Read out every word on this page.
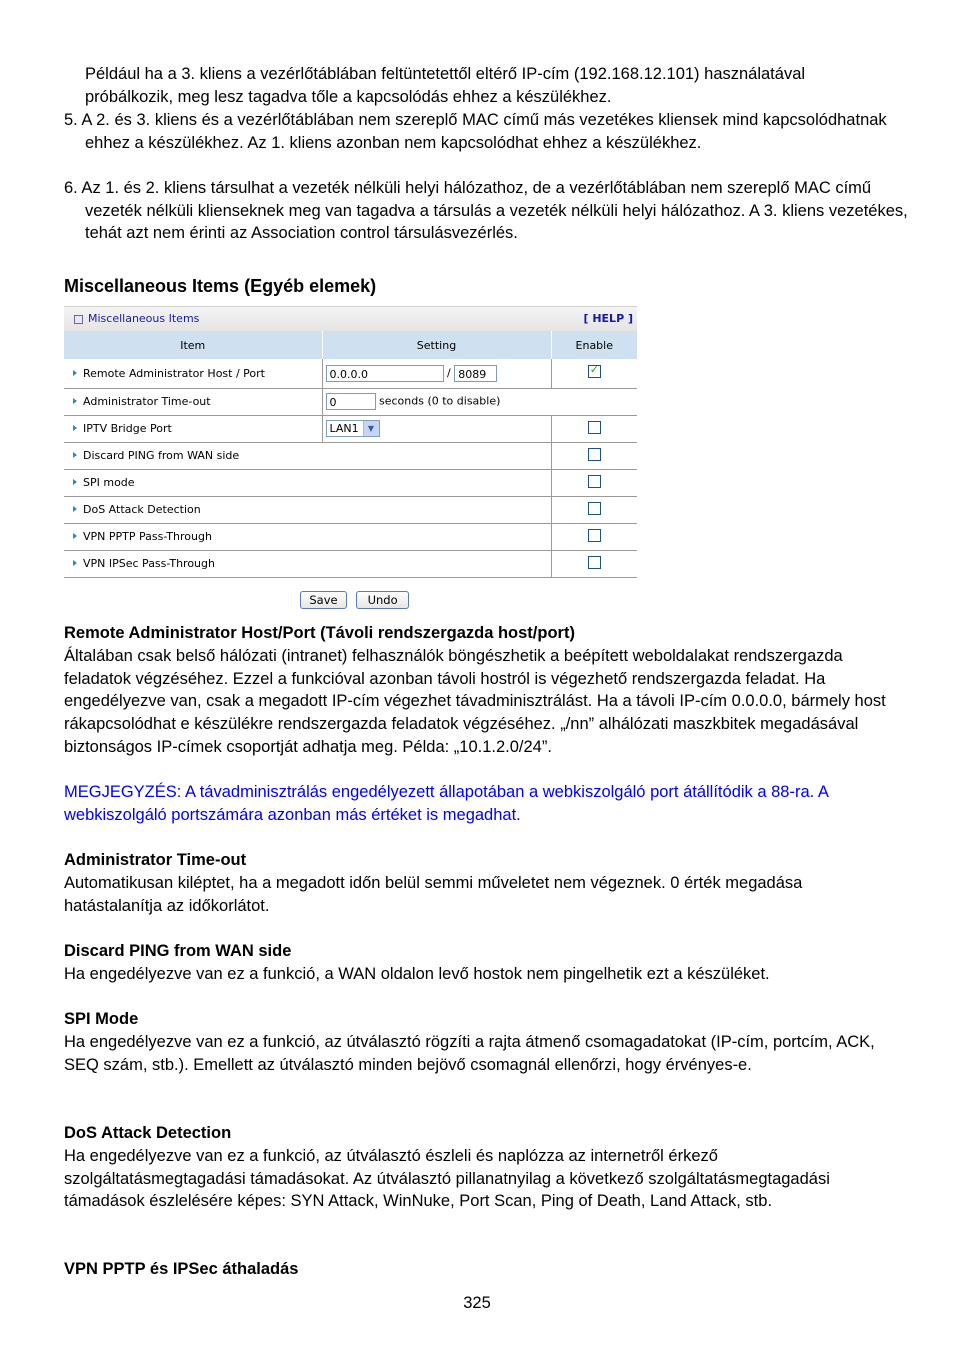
Például ha a 3. kliens a vezérlőtáblában feltüntetettől eltérő IP-cím (192.168.12.101) használatával próbálkozik, meg lesz tagadva tőle a kapcsolódás ehhez a készülékhez.

5. A 2. és 3. kliens és a vezérlőtáblában nem szereplő MAC című más vezetékes kliensek mind kapcsolódhatnak ehhez a készülékhez. Az 1. kliens azonban nem kapcsolódhat ehhez a készülékhez.

6. Az 1. és 2. kliens társulhat a vezeték nélküli helyi hálózathoz, de a vezérlőtáblában nem szereplő MAC című vezeték nélküli klienseknek meg van tagadva a társulás a vezeték nélküli helyi hálózathoz. A 3. kliens vezetékes, tehát azt nem érinti az Association control társulásvezérlés.

Miscellaneous Items (Egyéb elemek)
Miscellaneous Items	[ HELP ]
Item	Setting	Enable
Remote Administrator Host / Port	0.0.0.0 / 8089	✓
Administrator Time-out	0 seconds (0 to disable)	
IPTV Bridge Port	LAN1 ▼	

Discard PING from WAN side		
SPI mode		
DoS Attack Detection		
VPN PPTP Pass-Through		
VPN IPSec Pass-Through		
Save	Undo

Remote Administrator Host/Port (Távoli rendszergazda host/port)

Általában csak belső hálózati (intranet) felhasználók böngészhetik a beépített weboldalakat rendszergazda feladatok végzéséhez. Ezzel a funkcióval azonban távoli hostról is végezhető rendszergazda feladat. Ha engedélyezve van, csak a megadott IP-cím végezhet távadminisztrálást. Ha a távoli IP-cím 0.0.0.0, bármely host rákapcsolódhat e készülékre rendszergazda feladatok végzéséhez. „/nn” alhálózati maszkbitek megadásával biztonságos IP-címek csoportját adhatja meg. Példa: „10.1.2.0/24”.

MEGJEGYZÉS: A távadminisztrálás engedélyezett állapotában a webkiszolgáló port átállítódik a 88-ra. A webkiszolgáló portszámára azonban más értéket is megadhat.

Administrator Time-out

Automatikusan kiléptet, ha a megadott időn belül semmi műveletet nem végeznek. 0 érték megadása hatástalanítja az időkorlátot.

Discard PING from WAN side

Ha engedélyezve van ez a funkció, a WAN oldalon levő hostok nem pingelhetik ezt a készüléket.

SPI Mode

Ha engedélyezve van ez a funkció, az útválasztó rögzíti a rajta átmenő csomagadatokat (IP-cím, portcím, ACK, SEQ szám, stb.). Emellett az útválasztó minden bejövő csomagnál ellenőrzi, hogy érvényes-e.

DoS Attack Detection

Ha engedélyezve van ez a funkció, az útválasztó észleli és naplózza az internetről érkező szolgáltatásmegtagadási támadásokat. Az útválasztó pillanatnyilag a következő szolgáltatásmegtagadási támadások észlelésére képes: SYN Attack, WinNuke, Port Scan, Ping of Death, Land Attack, stb.

VPN PPTP és IPSec áthaladás

325
